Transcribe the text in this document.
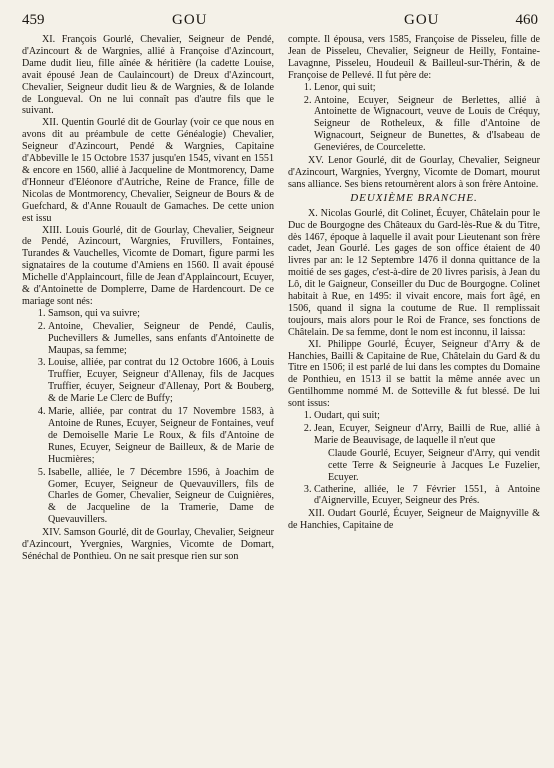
459	GOU	GOU	460

XI. François Gourlé, Chevalier, Seigneur de Pendé, d'Azincourt & de Wargnies, allié à Françoise d'Azincourt, Dame dudit lieu, fille aînée & héritière (la cadette Louise, avait épousé Jean de Caulaincourt) de Dreux d'Azincourt, Chevalier, Seigneur dudit lieu & de Wargnies, & de Iolande de Longueval. On ne lui connaît pas d'autre fils que le suivant.

XII. Quentin Gourlé dit de Gourlay (voir ce que nous en avons dit au préambule de cette Généalogie) Chevalier, Seigneur d'Azincourt, Pendé & Wargnies, Capitaine d'Abbeville le 15 Octobre 1537 jusqu'en 1545, vivant en 1551 & encore en 1560, allié à Jacqueline de Montmorency, Dame d'Honneur d'Eléonore d'Autriche, Reine de France, fille de Nicolas de Montmorency, Chevalier, Seigneur de Bours & de Guefchard, & d'Anne Rouault de Gamaches. De cette union est issu

XIII. Louis Gourlé, dit de Gourlay, Chevalier, Seigneur de Pendé, Azincourt, Wargnies, Fruvillers, Fontaines, Turandes & Vauchelles, Vicomte de Domart, figure parmi les signataires de la coutume d'Amiens en 1560. Il avait épousé Michelle d'Applaincourt, fille de Jean d'Applaincourt, Ecuyer, & d'Antoinette de Domplerre, Dame de Hardencourt. De ce mariage sont nés:

1. Samson, qui va suivre;
2. Antoine, Chevalier, Seigneur de Pendé, Caulis, Puchevillers & Jumelles, sans enfants d'Antoinette de Maupas, sa femme;
3. Louise, alliée, par contrat du 12 Octobre 1606, à Louis Truffier, Ecuyer, Seigneur d'Allenay, fils de Jacques Truffier, écuyer, Seigneur d'Allenay, Port & Bouberg, & de Marie Le Clerc de Buffy;
4. Marie, alliée, par contrat du 17 Novembre 1583, à Antoine de Runes, Ecuyer, Seigneur de Fontaines, veuf de Demoiselle Marie Le Roux, & fils d'Antoine de Runes, Ecuyer, Seigneur de Bailleux, & de Marie de Hucmières;
5. Isabelle, alliée, le 7 Décembre 1596, à Joachim de Gomer, Ecuyer, Seigneur de Quevauvillers, fils de Charles de Gomer, Chevalier, Seigneur de Cuignières, & de Jacqueline de la Tramerie, Dame de Quevauvillers.

XIV. Samson Gourlé, dit de Gourlay, Chevalier, Seigneur d'Azincourt, Yvergnies, Wargnies, Vicomte de Domart, Sénéchal de Ponthieu. On ne sait presque rien sur son

compte. Il épousa, vers 1585, Françoise de Pisseleu, fille de Jean de Pisseleu, Chevalier, Seigneur de Heilly, Fontaine-Lavagnne, Pisseleu, Houdeuil & Bailleul-sur-Thérin, & de Françoise de Pellevé. Il fut père de:

1. Lenor, qui suit;
2. Antoine, Ecuyer, Seigneur de Berlettes, allié à Antoinette de Wignacourt, veuve de Louis de Créquy, Seigneur de Rotheleux, & fille d'Antoine de Wignacourt, Seigneur de Bunettes, & d'Isabeau de Geneviéres, de Courcelette.

XV. Lenor Gourlé, dit de Gourlay, Chevalier, Seigneur d'Azincourt, Wargnies, Yvergny, Vicomte de Domart, mourut sans alliance. Ses biens retournèrent alors à son frère Antoine.

DEUXIÈME BRANCHE.

X. Nicolas Gourlé, dit Colinet, Écuyer, Châtelain pour le Duc de Bourgogne des Châteaux du Gard-lès-Rue & du Titre, dès 1467, époque à laquelle il avait pour Lieutenant son frère cadet, Jean Gourlé. Les gages de son office étaient de 40 livres par an: le 12 Septembre 1476 il donna quittance de la moitié de ses gages, c'est-à-dire de 20 livres parisis, à Jean du Lô, dit le Gaigneur, Conseiller du Duc de Bourgogne. Colinet habitait à Rue, en 1495: il vivait encore, mais fort âgé, en 1506, quand il signa la coutume de Rue. Il remplissait toujours, mais alors pour le Roi de France, ses fonctions de Châtelain. De sa femme, dont le nom est inconnu, il laissa:

XI. Philippe Gourlé, Écuyer, Seigneur d'Arry & de Hanchies, Bailli & Capitaine de Rue, Châtelain du Gard & du Titre en 1506; il est parlé de lui dans les comptes du Domaine de Ponthieu, en 1513 il se battit la même année avec un Gentilhomme nommé M. de Sotteville & fut blessé. De lui sont issus:

1. Oudart, qui suit;
2. Jean, Ecuyer, Seigneur d'Arry, Bailli de Rue, allié à Marie de Beauvisage, de laquelle il n'eut que

Claude Gourlé, Ecuyer, Seigneur d'Arry, qui vendit cette Terre & Seigneurie à Jacques Le Fuzelier, Ecuyer.

3. Catherine, alliée, le 7 Février 1551, à Antoine d'Aignerville, Ecuyer, Seigneur des Prés.

XII. Oudart Gourlé, Écuyer, Seigneur de Maignyville & de Hanchies, Capitaine de
